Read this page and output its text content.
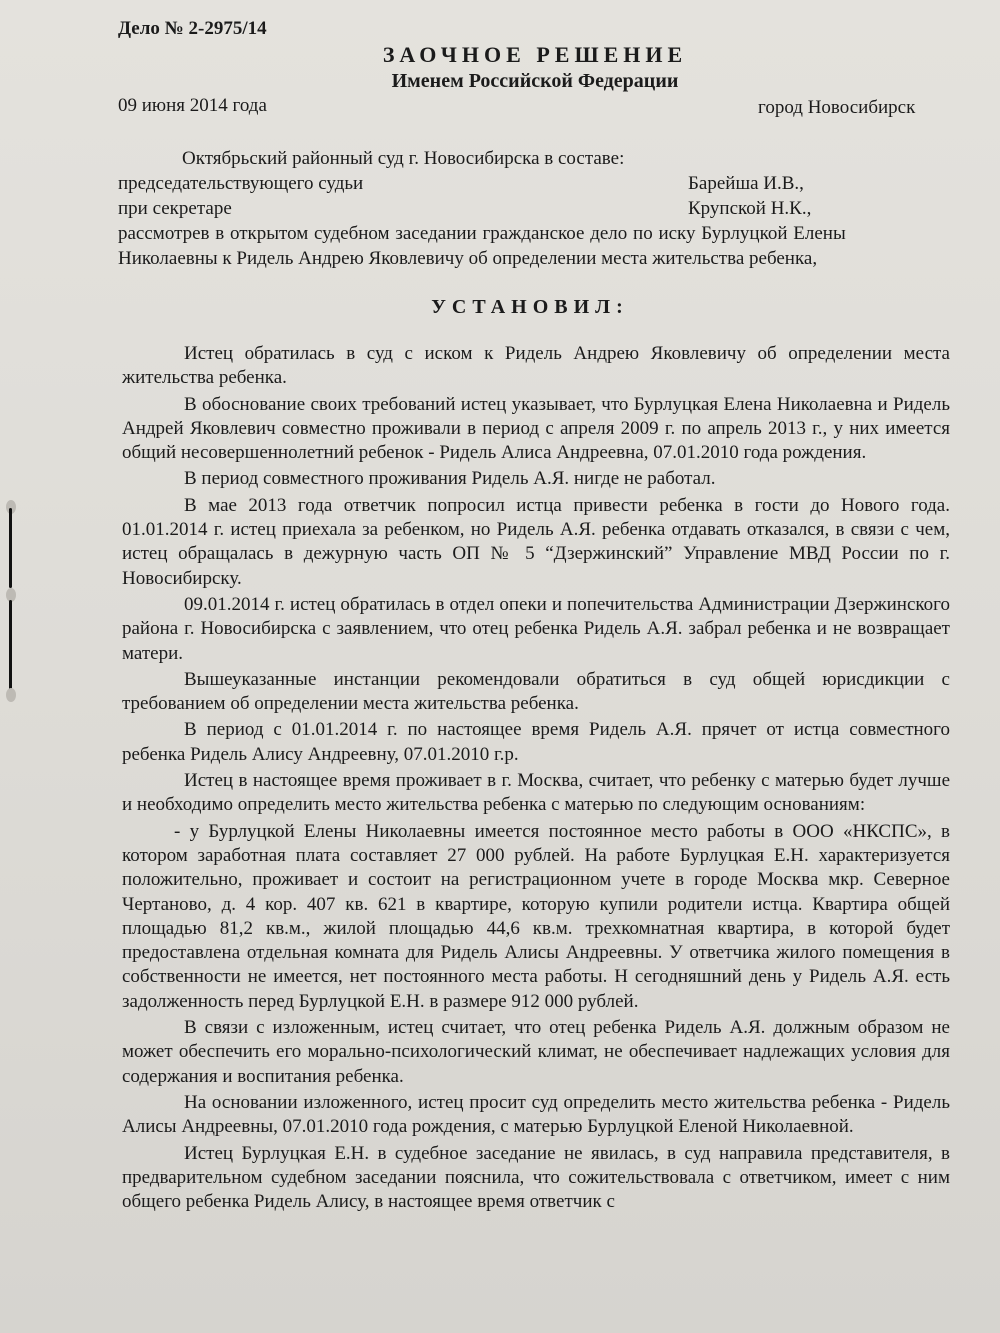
Дело № 2-2975/14
ЗАОЧНОЕ РЕШЕНИЕ
Именем Российской Федерации
09 июня 2014 года	город Новосибирск
Октябрьский районный суд г. Новосибирска в составе:
председательствующего судьи	Барейша И.В.,
при секретаре	Крупской Н.К.,
рассмотрев в открытом судебном заседании гражданское дело по иску Бурлуцкой Елены
Николаевны к Ридель Андрею Яковлевичу об определении места жительства ребенка,
УСТАНОВИЛ:

Истец обратилась в суд с иском к Ридель Андрею Яковлевичу об определении места жительства ребенка.

В обоснование своих требований истец указывает, что Бурлуцкая Елена Николаевна и Ридель Андрей Яковлевич совместно проживали в период с апреля 2009 г. по апрель 2013 г., у них имеется общий несовершеннолетний ребенок - Ридель Алиса Андреевна, 07.01.2010 года рождения.

В период совместного проживания Ридель А.Я. нигде не работал.

В мае 2013 года ответчик попросил истца привести ребенка в гости до Нового года. 01.01.2014 г. истец приехала за ребенком, но Ридель А.Я. ребенка отдавать отказался, в связи с чем, истец обращалась в дежурную часть ОП № 5 “Дзержинский” Управление МВД России по г. Новосибирску.

09.01.2014 г. истец обратилась в отдел опеки и попечительства Администрации Дзержинского района г. Новосибирска с заявлением, что отец ребенка Ридель А.Я. забрал ребенка и не возвращает матери.

Вышеуказанные инстанции рекомендовали обратиться в суд общей юрисдикции с требованием об определении места жительства ребенка.

В период с 01.01.2014 г. по настоящее время Ридель А.Я. прячет от истца совместного ребенка Ридель Алису Андреевну, 07.01.2010 г.р.

Истец в настоящее время проживает в г. Москва, считает, что ребенку с матерью будет лучше и необходимо определить место жительства ребенка с матерью по следующим основаниям:

- у Бурлуцкой Елены Николаевны имеется постоянное место работы в ООО «НКСПС», в котором заработная плата составляет 27 000 рублей. На работе Бурлуцкая Е.Н. характеризуется положительно, проживает и состоит на регистрационном учете в городе Москва мкр. Северное Чертаново, д. 4 кор. 407 кв. 621 в квартире, которую купили родители истца. Квартира общей площадью 81,2 кв.м., жилой площадью 44,6 кв.м. трехкомнатная квартира, в которой будет предоставлена отдельная комната для Ридель Алисы Андреевны. У ответчика жилого помещения в собственности не имеется, нет постоянного места работы. Н сегодняшний день у Ридель А.Я. есть задолженность перед Бурлуцкой Е.Н. в размере 912 000 рублей.

В связи с изложенным, истец считает, что отец ребенка Ридель А.Я. должным образом не может обеспечить его морально-психологический климат, не обеспечивает надлежащих условия для содержания и воспитания ребенка.

На основании изложенного, истец просит суд определить место жительства ребенка - Ридель Алисы Андреевны, 07.01.2010 года рождения, с матерью Бурлуцкой Еленой Николаевной.

Истец Бурлуцкая Е.Н. в судебное заседание не явилась, в суд направила представителя, в предварительном судебном заседании пояснила, что сожительствовала с ответчиком, имеет с ним общего ребенка Ридель Алису, в настоящее время ответчик с
